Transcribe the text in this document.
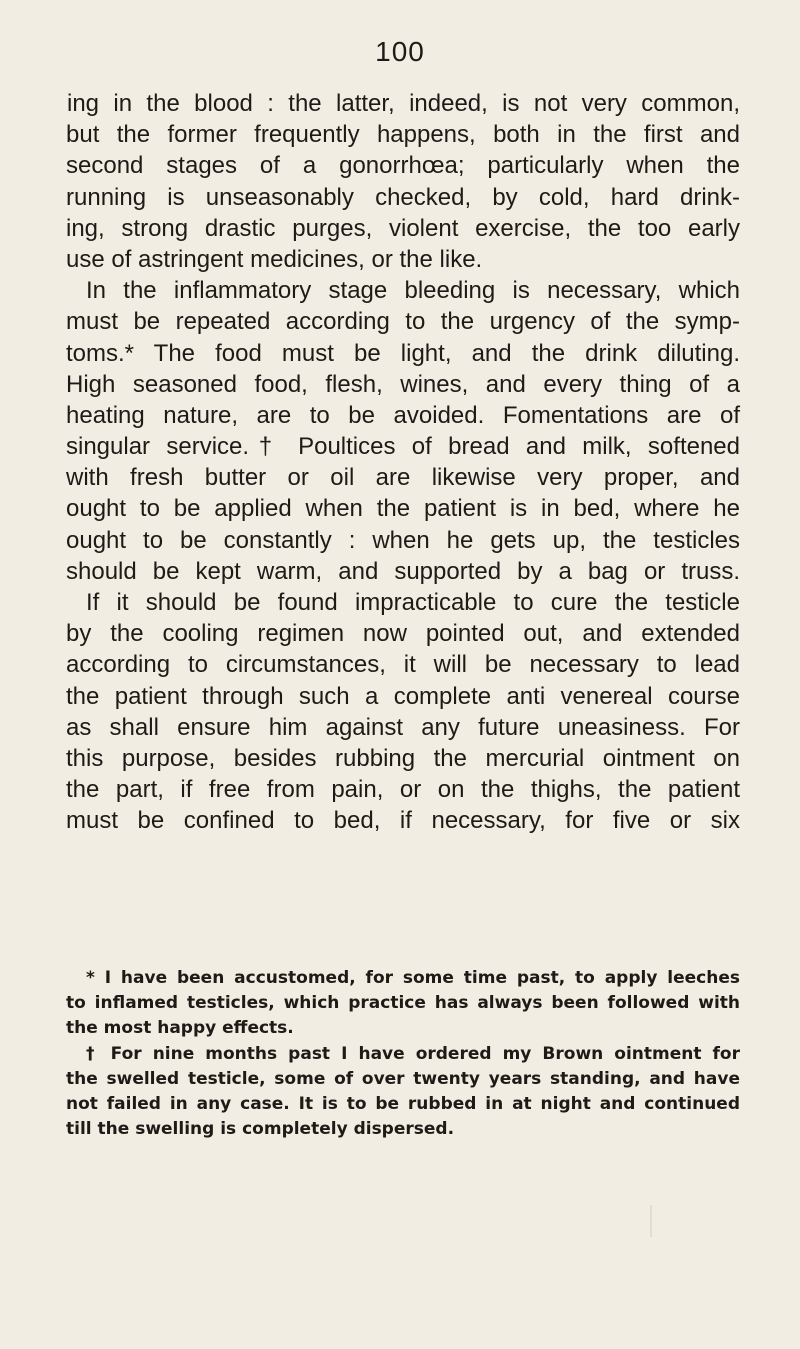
100
ing in the blood : the latter, indeed, is not very common,
but the former frequently happens, both in the first and
second stages of a gonorrhœa; particularly when the
running is unseasonably checked, by cold, hard drink-
ing, strong drastic purges, violent exercise, the too early
use of astringent medicines, or the like.
In the inflammatory stage bleeding is necessary, which
must be repeated according to the urgency of the symp-
toms.* The food must be light, and the drink diluting.
High seasoned food, flesh, wines, and every thing of a
heating nature, are to be avoided. Fomentations are of
singular service.† Poultices of bread and milk, softened
with fresh butter or oil are likewise very proper, and
ought to be applied when the patient is in bed, where he
ought to be constantly : when he gets up, the testicles
should be kept warm, and supported by a bag or truss.
If it should be found impracticable to cure the testicle
by the cooling regimen now pointed out, and extended
according to circumstances, it will be necessary to lead
the patient through such a complete anti venereal course
as shall ensure him against any future uneasiness. For
this purpose, besides rubbing the mercurial ointment on
the part, if free from pain, or on the thighs, the patient
must be confined to bed, if necessary, for five or six
* I have been accustomed, for some time past, to apply leeches
to inflamed testicles, which practice has always been followed with
the most happy effects.
† For nine months past I have ordered my Brown ointment for
the swelled testicle, some of over twenty years standing, and have
not failed in any case. It is to be rubbed in at night and continued
till the swelling is completely dispersed.
